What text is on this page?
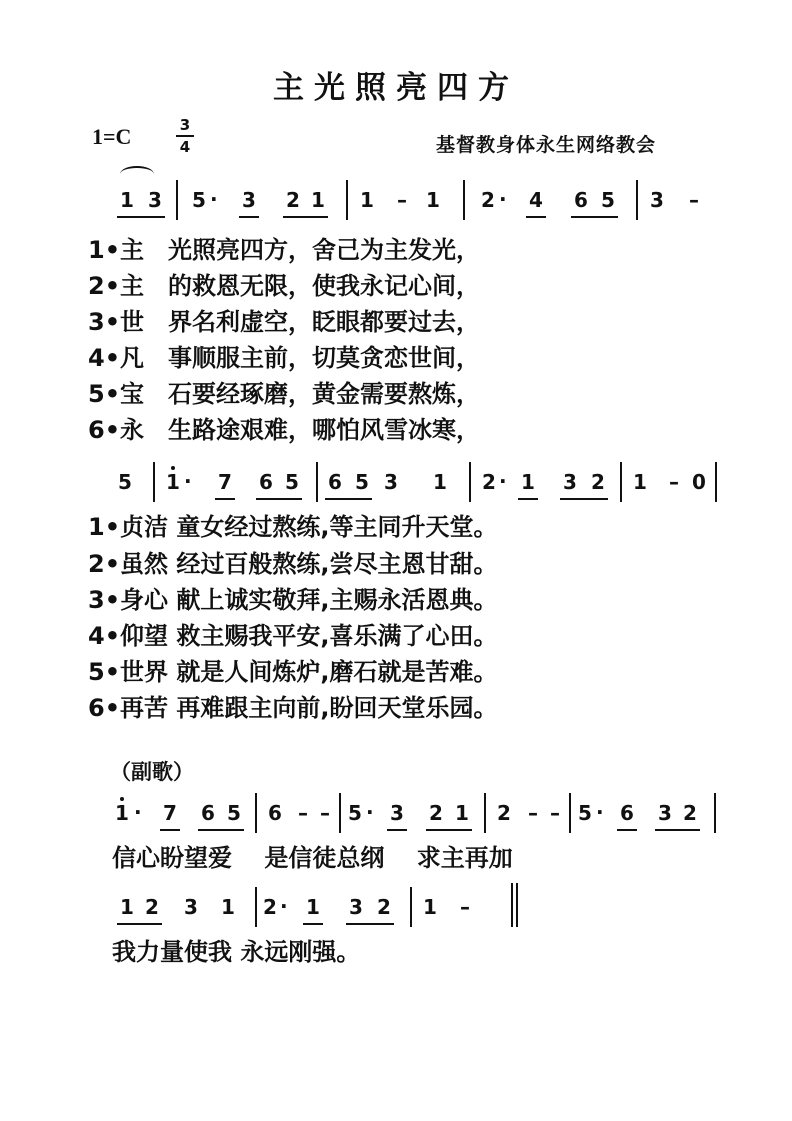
主光照亮四方
1=C	3
4	基督教身体永生网络教会
1 3 5 · 3 2 1 1 – 1 2 · 4 6 5 3 –
1•主　光照亮四方，舍己为主发光，
2•主　的救恩无限，使我永记心间，
3•世　界名利虚空，眨眼都要过去，
4•凡　事顺服主前，切莫贪恋世间，
5•宝　石要经琢磨，黄金需要熬炼，
6•永　生路途艰难，哪怕风雪冰寒，
5 1 · 7 6 5 6 5 3 1 2 · 1 3 2 1 – 0
1•贞洁 童女经过熬练,等主同升天堂。
2•虽然 经过百般熬练,尝尽主恩甘甜。
3•身心 献上诚实敬拜,主赐永活恩典。
4•仰望 救主赐我平安,喜乐满了心田。
5•世界 就是人间炼炉,磨石就是苦难。
6•再苦 再难跟主向前,盼回天堂乐园。
（副歌）
1 · 7 6 5 6 – – 5 · 3 2 1 2 – – 5 · 6 3 2
信心盼望爱　 是信徒总纲　 求主再加
1 2 3 1 2 · 1 3 2 1 –
我力量使我 永远刚强。
